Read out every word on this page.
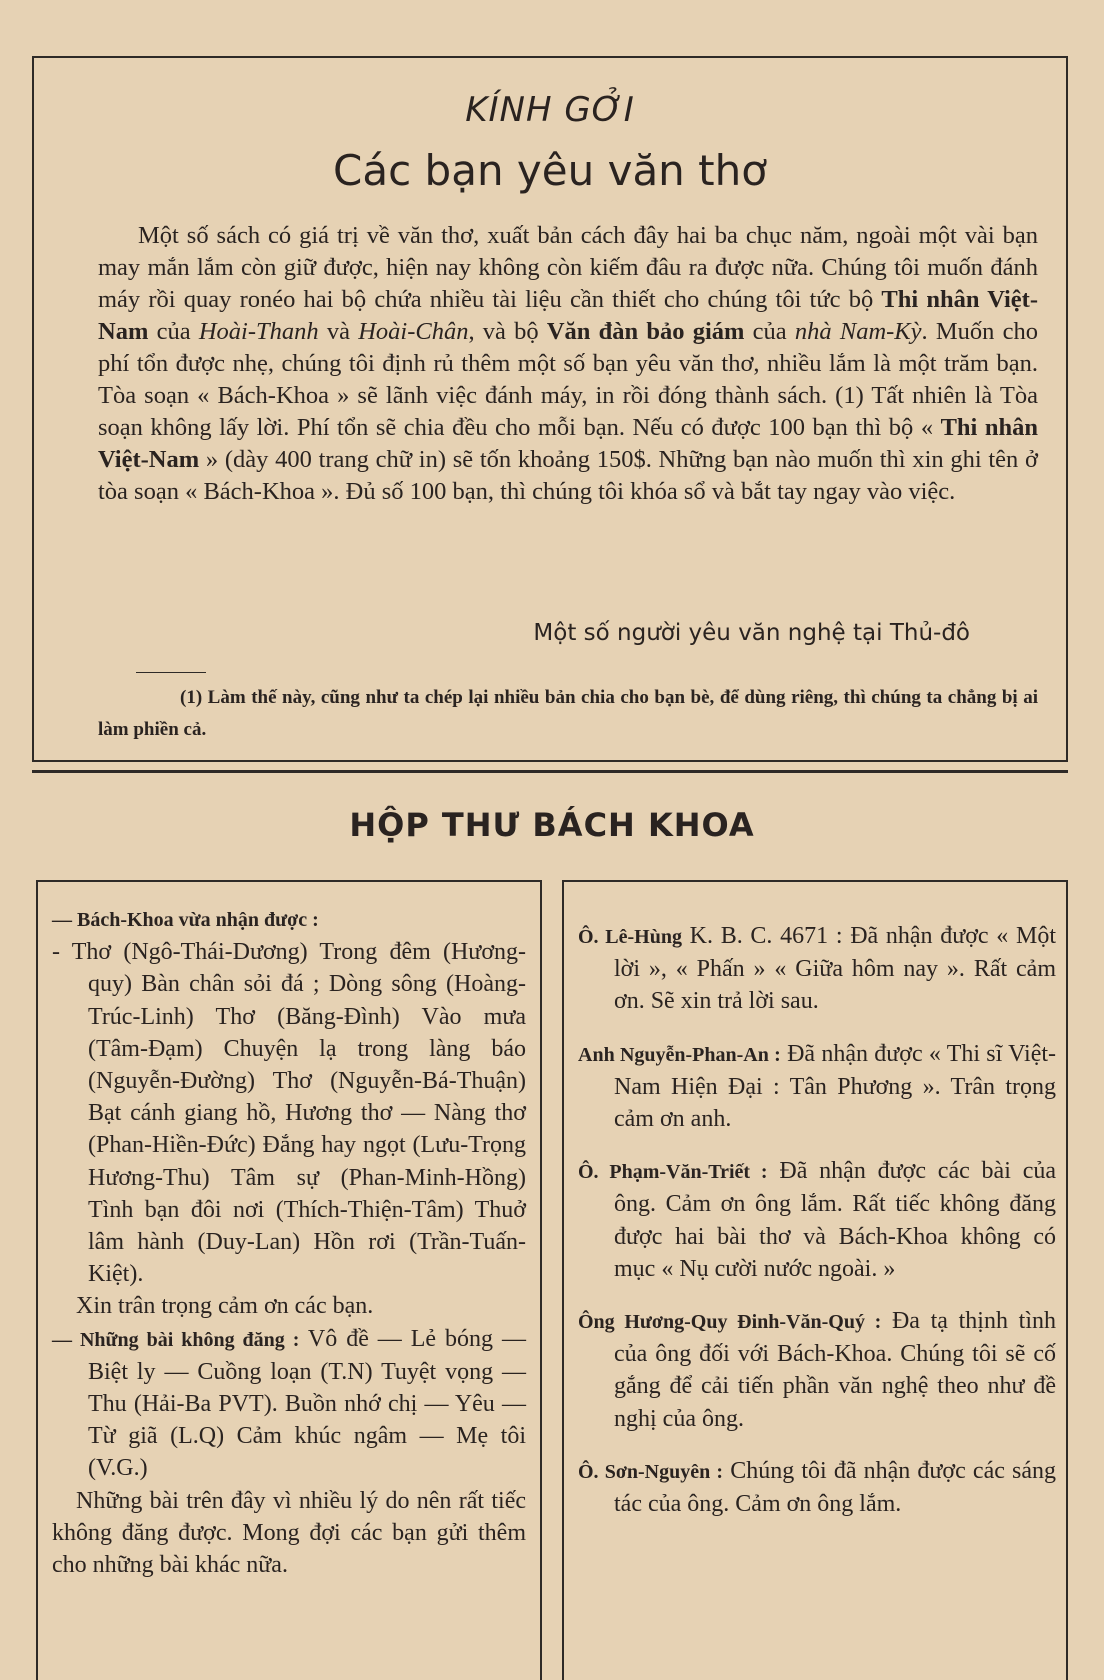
KÍNH GỞI
Các bạn yêu văn thơ

Một số sách có giá trị về văn thơ, xuất bản cách đây hai ba chục năm, ngoài một vài bạn may mắn lắm còn giữ được, hiện nay không còn kiếm đâu ra được nữa. Chúng tôi muốn đánh máy rồi quay ronéo hai bộ chứa nhiều tài liệu cần thiết cho chúng tôi tức bộ Thi nhân Việt-Nam của Hoài-Thanh và Hoài-Chân, và bộ Văn đàn bảo giám của nhà Nam-Kỳ. Muốn cho phí tổn được nhẹ, chúng tôi định rủ thêm một số bạn yêu văn thơ, nhiều lắm là một trăm bạn. Tòa soạn « Bách-Khoa » sẽ lãnh việc đánh máy, in rồi đóng thành sách. (1) Tất nhiên là Tòa soạn không lấy lời. Phí tổn sẽ chia đều cho mỗi bạn. Nếu có được 100 bạn thì bộ « Thi nhân Việt-Nam » (dày 400 trang chữ in) sẽ tốn khoảng 150$. Những bạn nào muốn thì xin ghi tên ở tòa soạn « Bách-Khoa ». Đủ số 100 bạn, thì chúng tôi khóa sổ và bắt tay ngay vào việc.

Một số người yêu văn nghệ tại Thủ-đô

(1) Làm thế này, cũng như ta chép lại nhiều bản chia cho bạn bè, để dùng riêng, thì chúng ta chẳng bị ai làm phiền cả.

HỘP THƯ BÁCH KHOA

— Bách-Khoa vừa nhận được :

- Thơ (Ngô-Thái-Dương) Trong đêm (Hương-quy) Bàn chân sỏi đá ; Dòng sông (Hoàng-Trúc-Linh) Thơ (Băng-Đình) Vào mưa (Tâm-Đạm) Chuyện lạ trong làng báo (Nguyễn-Đường) Thơ (Nguyễn-Bá-Thuận) Bạt cánh giang hồ, Hương thơ — Nàng thơ (Phan-Hiền-Đức) Đắng hay ngọt (Lưu-Trọng Hương-Thu) Tâm sự (Phan-Minh-Hồng) Tình bạn đôi nơi (Thích-Thiện-Tâm) Thuở lâm hành (Duy-Lan) Hồn rơi (Trần-Tuấn-Kiệt).

Xin trân trọng cảm ơn các bạn.

— Những bài không đăng : Vô đề — Lẻ bóng — Biệt ly — Cuồng loạn (T.N) Tuyệt vọng — Thu (Hải-Ba PVT). Buồn nhớ chị — Yêu — Từ giã (L.Q) Cảm khúc ngâm — Mẹ tôi (V.G.)

Những bài trên đây vì nhiều lý do nên rất tiếc không đăng được. Mong đợi các bạn gửi thêm cho những bài khác nữa.

Ô. Lê-Hùng K. B. C. 4671 : Đã nhận được « Một lời », « Phấn » « Giữa hôm nay ». Rất cảm ơn. Sẽ xin trả lời sau.

Anh Nguyễn-Phan-An : Đã nhận được « Thi sĩ Việt-Nam Hiện Đại : Tân Phương ». Trân trọng cảm ơn anh.

Ô. Phạm-Văn-Triết : Đã nhận được các bài của ông. Cảm ơn ông lắm. Rất tiếc không đăng được hai bài thơ và Bách-Khoa không có mục « Nụ cười nước ngoài. »

Ông Hương-Quy Đinh-Văn-Quý : Đa tạ thịnh tình của ông đối với Bách-Khoa. Chúng tôi sẽ cố gắng để cải tiến phần văn nghệ theo như đề nghị của ông.

Ô. Sơn-Nguyên : Chúng tôi đã nhận được các sáng tác của ông. Cảm ơn ông lắm.
